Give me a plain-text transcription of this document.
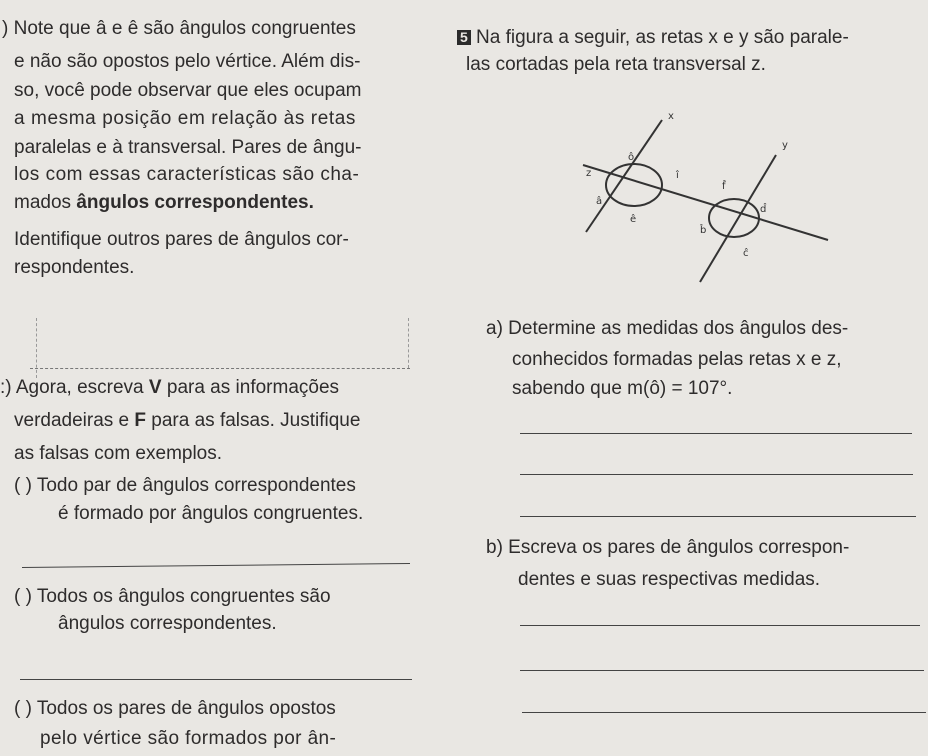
) Note que â e ê são ângulos congruentes
e não são opostos pelo vértice. Além dis-
so, você pode observar que eles ocupam
a mesma posição em relação às retas
paralelas e à transversal. Pares de ângu-
los com essas características são cha-
mados ângulos correspondentes.
Identifique outros pares de ângulos cor-
respondentes.
:) Agora, escreva V para as informações
verdadeiras e F para as falsas. Justifique
as falsas com exemplos.
( ) Todo par de ângulos correspondentes
é formado por ângulos congruentes.
( ) Todos os ângulos congruentes são
ângulos correspondentes.
( ) Todos os pares de ângulos opostos
pelo vértice são formados por ân-
5 Na figura a seguir, as retas x e y são parale-
las cortadas pela reta transversal z.
x
y
z
ô
î
â
ê
f̂
d̂
b̂
ĉ
a) Determine as medidas dos ângulos des-
conhecidos formadas pelas retas x e z,
sabendo que m(ô) = 107°.
b) Escreva os pares de ângulos correspon-
dentes e suas respectivas medidas.
